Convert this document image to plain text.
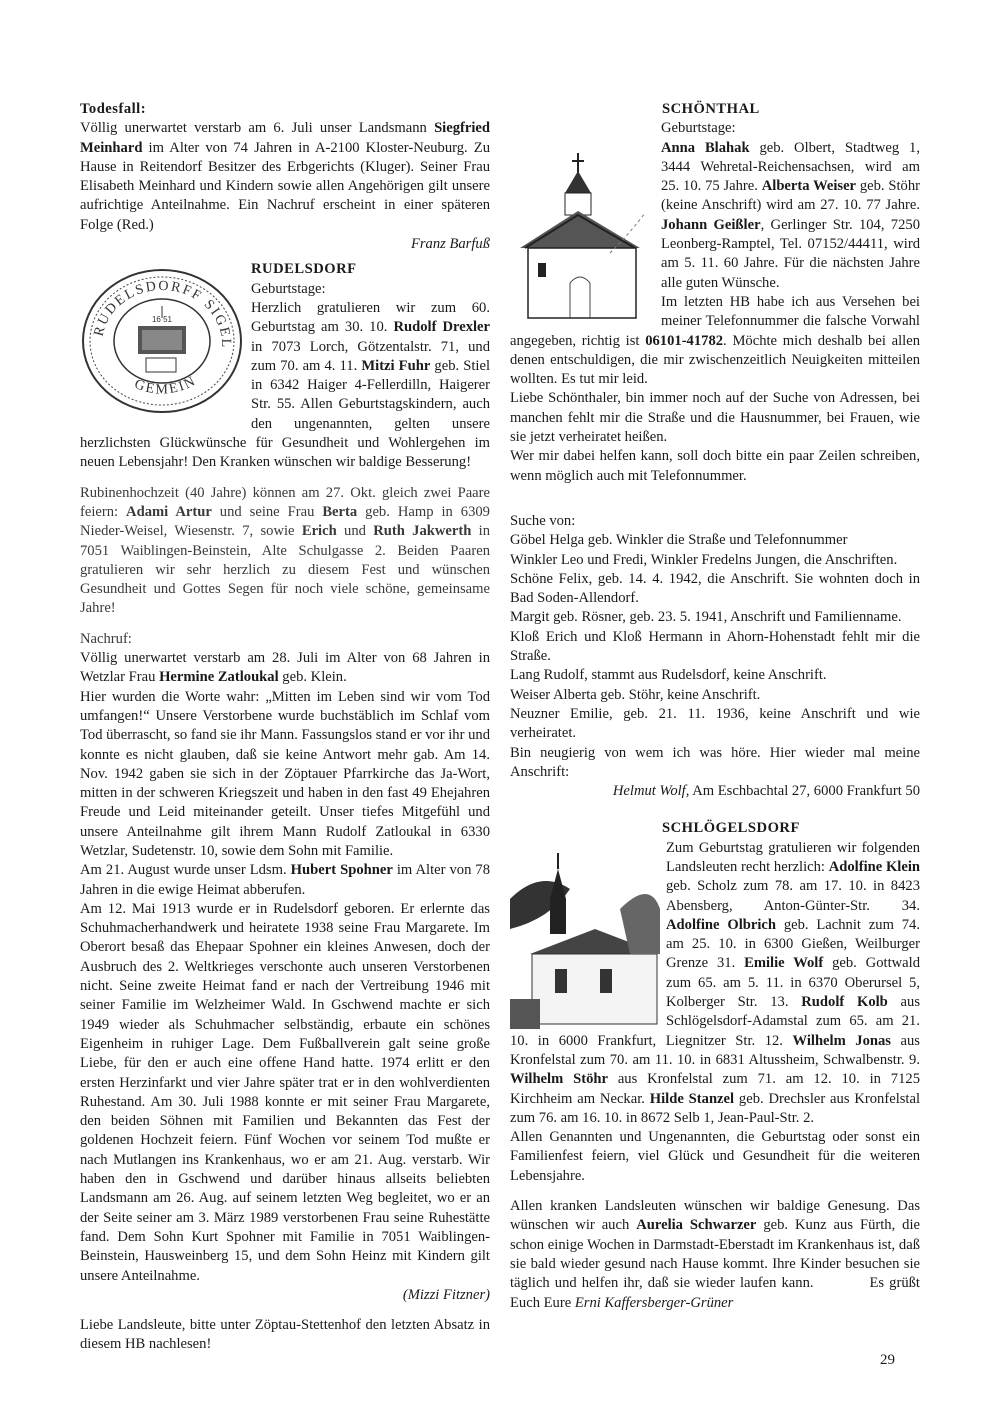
Todesfall:

Völlig unerwartet verstarb am 6. Juli unser Landsmann Siegfried Meinhard im Alter von 74 Jahren in A-2100 Kloster-Neuburg. Zu Hause in Reitendorf Besitzer des Erbgerichts (Kluger). Seiner Frau Elisabeth Meinhard und Kindern sowie allen Angehörigen gilt unsere aufrichtige Anteilnahme. Ein Nachruf erscheint in einer späteren Folge (Red.)

Franz Barfuß
RUDELSDORFF SIGEL
GEMEIN
16 51

RUDELSDORF

Geburtstage:

Herzlich gratulieren wir zum 60. Geburtstag am 30. 10. Rudolf Drexler in 7073 Lorch, Götzentalstr. 71, und zum 70. am 4. 11. Mitzi Fuhr geb. Stiel in 6342 Haiger 4-Fellerdilln, Haigerer Str. 55. Allen Geburtstagskindern, auch den ungenannten, gelten unsere herzlichsten Glückwünsche für Gesundheit und Wohlergehen im neuen Lebensjahr! Den Kranken wünschen wir baldige Besserung!

Rubinenhochzeit (40 Jahre) können am 27. Okt. gleich zwei Paare feiern: Adami Artur und seine Frau Berta geb. Hamp in 6309 Nieder-Weisel, Wiesenstr. 7, sowie Erich und Ruth Jakwerth in 7051 Waiblingen-Beinstein, Alte Schulgasse 2. Beiden Paaren gratulieren wir sehr herzlich zu diesem Fest und wünschen Gesundheit und Gottes Segen für noch viele schöne, gemeinsame Jahre!

Nachruf:

Völlig unerwartet verstarb am 28. Juli im Alter von 68 Jahren in Wetzlar Frau Hermine Zatloukal geb. Klein.
Hier wurden die Worte wahr: „Mitten im Leben sind wir vom Tod umfangen!“ Unsere Verstorbene wurde buchstäblich im Schlaf vom Tod überrascht, so fand sie ihr Mann. Fassungslos stand er vor ihr und konnte es nicht glauben, daß sie keine Antwort mehr gab. Am 14. Nov. 1942 gaben sie sich in der Zöptauer Pfarrkirche das Ja-Wort, mitten in der schweren Kriegszeit und haben in den fast 49 Ehejahren Freude und Leid miteinander geteilt. Unser tiefes Mitgefühl und unsere Anteilnahme gilt ihrem Mann Rudolf Zatloukal in 6330 Wetzlar, Sudetenstr. 10, sowie dem Sohn mit Familie.
Am 21. August wurde unser Ldsm. Hubert Spohner im Alter von 78 Jahren in die ewige Heimat abberufen.
Am 12. Mai 1913 wurde er in Rudelsdorf geboren. Er erlernte das Schuhmacherhandwerk und heiratete 1938 seine Frau Margarete. Im Oberort besaß das Ehepaar Spohner ein kleines Anwesen, doch der Ausbruch des 2. Weltkrieges verschonte auch unseren Verstorbenen nicht. Seine zweite Heimat fand er nach der Vertreibung 1946 mit seiner Familie im Welzheimer Wald. In Gschwend machte er sich 1949 wieder als Schuhmacher selbständig, erbaute ein schönes Eigenheim in ruhiger Lage. Dem Fußballverein galt seine große Liebe, für den er auch eine offene Hand hatte. 1974 erlitt er den ersten Herzinfarkt und vier Jahre später trat er in den wohlverdienten Ruhestand. Am 30. Juli 1988 konnte er mit seiner Frau Margarete, den beiden Söhnen mit Familien und Bekannten das Fest der goldenen Hochzeit feiern. Fünf Wochen vor seinem Tod mußte er nach Mutlangen ins Krankenhaus, wo er am 21. Aug. verstarb. Wir haben den in Gschwend und darüber hinaus allseits beliebten Landsmann am 26. Aug. auf seinem letzten Weg begleitet, wo er an der Seite seiner am 3. März 1989 verstorbenen Frau seine Ruhestätte fand. Dem Sohn Kurt Spohner mit Familie in 7051 Waiblingen-Beinstein, Hausweinberg 15, und dem Sohn Heinz mit Kindern gilt unsere Anteilnahme.

(Mizzi Fitzner)

Liebe Landsleute, bitte unter Zöptau-Stettenhof den letzten Absatz in diesem HB nachlesen!

SCHÖNTHAL

Geburtstage:

Anna Blahak geb. Olbert, Stadtweg 1, 3444 Wehretal-Reichensachsen, wird am 25. 10. 75 Jahre. Alberta Weiser geb. Stöhr (keine Anschrift) wird am 27. 10. 77 Jahre. Johann Geißler, Gerlinger Str. 104, 7250 Leonberg-Ramptel, Tel. 07152/44411, wird am 5. 11. 60 Jahre. Für die nächsten Jahre alle guten Wünsche.
Im letzten HB habe ich aus Versehen bei meiner Telefonnummer die falsche Vorwahl angegeben, richtig ist 06101-41782. Möchte mich deshalb bei allen denen entschuldigen, die mir zwischenzeitlich Neuigkeiten mitteilen wollten. Es tut mir leid.

Liebe Schönthaler, bin immer noch auf der Suche von Adressen, bei manchen fehlt mir die Straße und die Hausnummer, bei Frauen, wie sie jetzt verheiratet heißen.
Wer mir dabei helfen kann, soll doch bitte ein paar Zeilen schreiben, wenn möglich auch mit Telefonnummer.

Suche von:

Göbel Helga geb. Winkler die Straße und Telefonnummer

Winkler Leo und Fredi, Winkler Fredelns Jungen, die Anschriften.

Schöne Felix, geb. 14. 4. 1942, die Anschrift. Sie wohnten doch in Bad Soden-Allendorf.

Margit geb. Rösner, geb. 23. 5. 1941, Anschrift und Familienname.

Kloß Erich und Kloß Hermann in Ahorn-Hohenstadt fehlt mir die Straße.

Lang Rudolf, stammt aus Rudelsdorf, keine Anschrift.

Weiser Alberta geb. Stöhr, keine Anschrift.

Neuzner Emilie, geb. 21. 11. 1936, keine Anschrift und wie verheiratet.

Bin neugierig von wem ich was höre. Hier wieder mal meine Anschrift:

Helmut Wolf, Am Eschbachtal 27, 6000 Frankfurt 50

SCHLÖGELSDORF

Zum Geburtstag gratulieren wir folgenden Landsleuten recht herzlich: Adolfine Klein geb. Scholz zum 78. am 17. 10. in 8423 Abensberg, Anton-Günter-Str. 34. Adolfine Olbrich geb. Lachnit zum 74. am 25. 10. in 6300 Gießen, Weilburger Grenze 31. Emilie Wolf geb. Gottwald zum 65. am 5. 11. in 6370 Oberursel 5, Kolberger Str. 13. Rudolf Kolb aus Schlögelsdorf-Adamstal zum 65. am 21. 10. in 6000 Frankfurt, Liegnitzer Str. 12. Wilhelm Jonas aus Kronfelstal zum 70. am 11. 10. in 6831 Altussheim, Schwalbenstr. 9. Wilhelm Stöhr aus Kronfelstal zum 71. am 12. 10. in 7125 Kirchheim am Neckar. Hilde Stanzel geb. Drechsler aus Kronfelstal zum 76. am 16. 10. in 8672 Selb 1, Jean-Paul-Str. 2.

Allen Genannten und Ungenannten, die Geburtstag oder sonst ein Familienfest feiern, viel Glück und Gesundheit für die weiteren Lebensjahre.

Allen kranken Landsleuten wünschen wir baldige Genesung. Das wünschen wir auch Aurelia Schwarzer geb. Kunz aus Fürth, die schon einige Wochen in Darmstadt-Eberstadt im Krankenhaus ist, daß sie bald wieder gesund nach Hause kommt. Ihre Kinder besuchen sie täglich und helfen ihr, daß sie wieder laufen kann.	Es grüßt Euch Eure Erni Kaffersberger-Grüner

29
